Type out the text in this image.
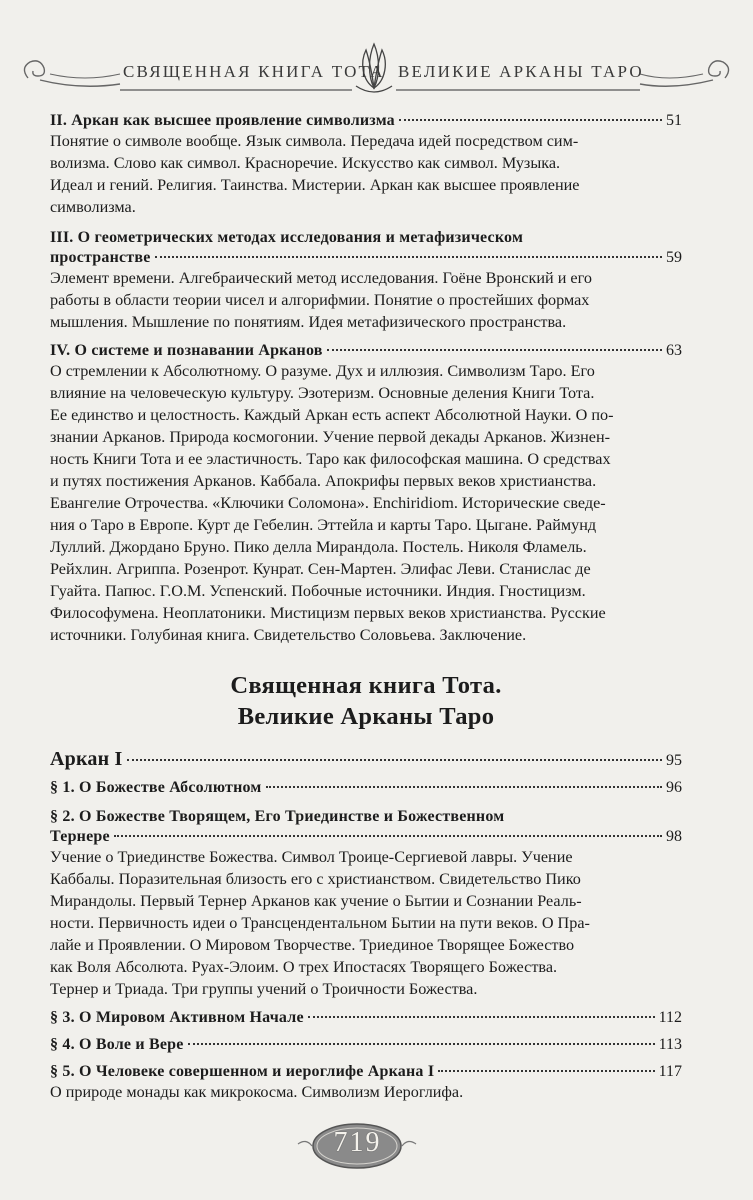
СВЯЩЕННАЯ КНИГА ТОТА ВЕЛИКИЕ АРКАНЫ ТАРО
II. Аркан как высшее проявление символизма	51

Понятие о символе вообще. Язык символа. Передача идей посредством сим-
волизма. Слово как символ. Красноречие. Искусство как символ. Музыка.
Идеал и гений. Религия. Таинства. Мистерии. Аркан как высшее проявление
символизма.

III. О геометрических методах исследования и метафизическом
пространстве	59

Элемент времени. Алгебраический метод исследования. Гоёне Вронский и его
работы в области теории чисел и алгорифмии. Понятие о простейших формах
мышления. Мышление по понятиям. Идея метафизического пространства.

IV. О системе и познавании Арканов	63

О стремлении к Абсолютному. О разуме. Дух и иллюзия. Символизм Таро. Его
влияние на человеческую культуру. Эзотеризм. Основные деления Книги Тота.
Ее единство и целостность. Каждый Аркан есть аспект Абсолютной Науки. О по-
знании Арканов. Природа космогонии. Учение первой декады Арканов. Жизнен-
ность Книги Тота и ее эластичность. Таро как философская машина. О средствах
и путях постижения Арканов. Каббала. Апокрифы первых веков христианства.
Евангелие Отрочества. «Ключики Соломона». Enchiridiom. Исторические сведе-
ния о Таро в Европе. Курт де Гебелин. Эттейла и карты Таро. Цыгане. Раймунд
Луллий. Джордано Бруно. Пико делла Мирандола. Постель. Николя Фламель.
Рейхлин. Агриппа. Розенрот. Кунрат. Сен-Мартен. Элифас Леви. Станислас де
Гуайта. Папюс. Г.О.М. Успенский. Побочные источники. Индия. Гностицизм.
Философумена. Неоплатоники. Мистицизм первых веков христианства. Русские
источники. Голубиная книга. Свидетельство Соловьева. Заключение.

Священная книга Тота.
Великие Арканы Таро
Аркан I	95
§ 1. О Божестве Абсолютном	96
§ 2. О Божестве Творящем, Его Триединстве и Божественном
Тернере	98

Учение о Триединстве Божества. Символ Троице-Сергиевой лавры. Учение
Каббалы. Поразительная близость его с христианством. Свидетельство Пико
Мирандолы. Первый Тернер Арканов как учение о Бытии и Сознании Реаль-
ности. Первичность идеи о Трансцендентальном Бытии на пути веков. О Пра-
лайе и Проявлении. О Мировом Творчестве. Триединое Творящее Божество
как Воля Абсолюта. Руах-Элоим. О трех Ипостасях Творящего Божества.
Тернер и Триада. Три группы учений о Троичности Божества.

§ 3. О Мировом Активном Начале	112
§ 4. О Воле и Вере	113
§ 5. О Человеке совершенном и иероглифе Аркана I	117

О природе монады как микрокосма. Символизм Иероглифа.

719
